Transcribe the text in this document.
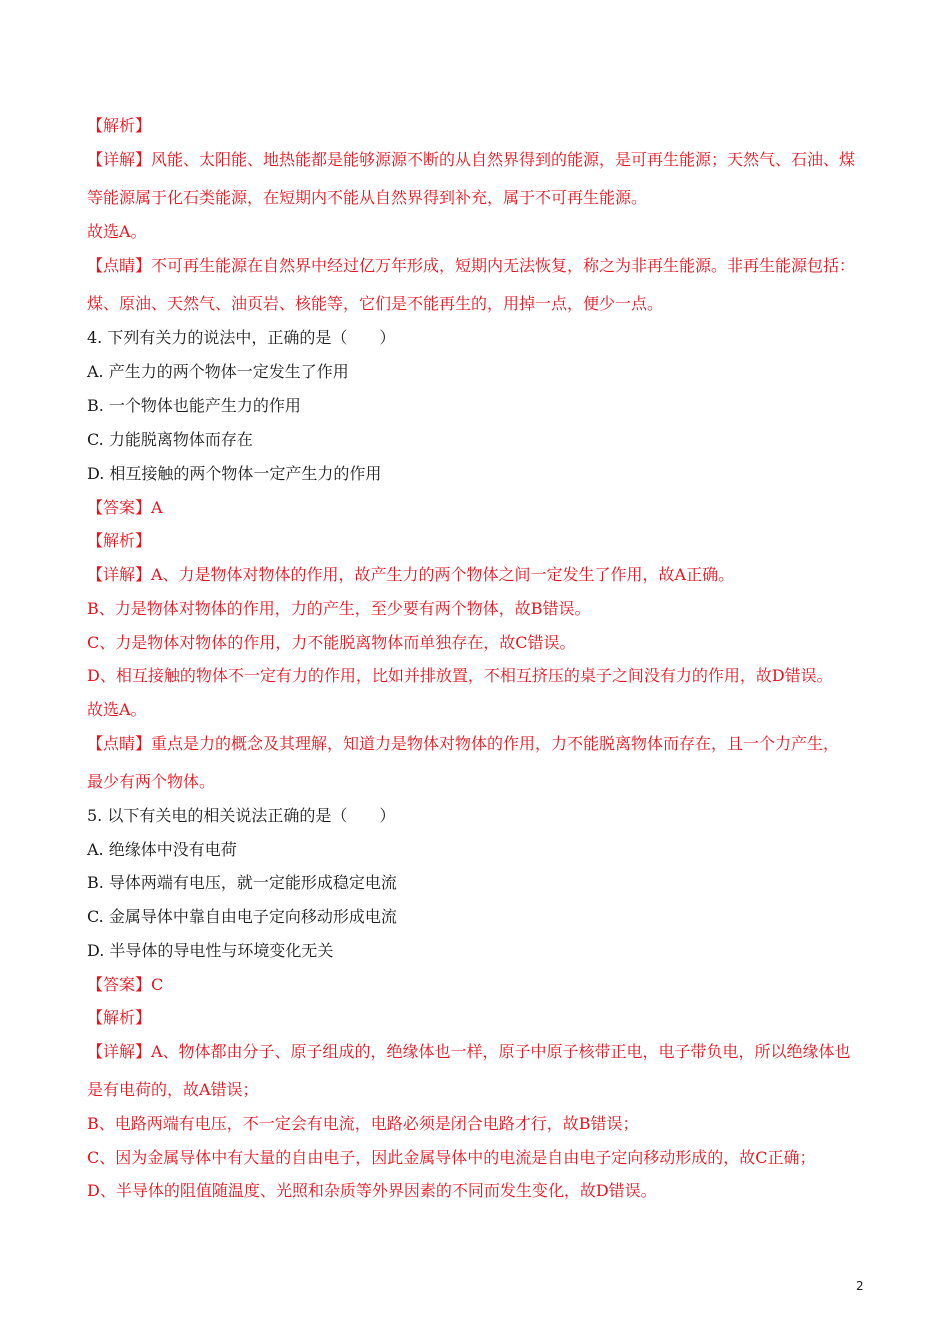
【解析】
【详解】风能、太阳能、地热能都是能够源源不断的从自然界得到的能源，是可再生能源；天然气、石油、煤
等能源属于化石类能源，在短期内不能从自然界得到补充，属于不可再生能源。
故选A。
【点睛】不可再生能源在自然界中经过亿万年形成，短期内无法恢复，称之为非再生能源。非再生能源包括：
煤、原油、天然气、油页岩、核能等，它们是不能再生的，用掉一点，便少一点。
4. 下列有关力的说法中，正确的是（　　）
A. 产生力的两个物体一定发生了作用
B. 一个物体也能产生力的作用
C. 力能脱离物体而存在
D. 相互接触的两个物体一定产生力的作用
【答案】A
【解析】
【详解】A、力是物体对物体的作用，故产生力的两个物体之间一定发生了作用，故A正确。
B、力是物体对物体的作用，力的产生，至少要有两个物体，故B错误。
C、力是物体对物体的作用，力不能脱离物体而单独存在，故C错误。
D、相互接触的物体不一定有力的作用，比如并排放置，不相互挤压的桌子之间没有力的作用，故D错误。
故选A。
【点睛】重点是力的概念及其理解，知道力是物体对物体的作用，力不能脱离物体而存在，且一个力产生，
最少有两个物体。
5. 以下有关电的相关说法正确的是（　　）
A. 绝缘体中没有电荷
B. 导体两端有电压，就一定能形成稳定电流
C. 金属导体中靠自由电子定向移动形成电流
D. 半导体的导电性与环境变化无关
【答案】C
【解析】
【详解】A、物体都由分子、原子组成的，绝缘体也一样，原子中原子核带正电，电子带负电，所以绝缘体也
是有电荷的，故A错误；
B、电路两端有电压，不一定会有电流，电路必须是闭合电路才行，故B错误；
C、因为金属导体中有大量的自由电子，因此金属导体中的电流是自由电子定向移动形成的，故C正确；
D、半导体的阻值随温度、光照和杂质等外界因素的不同而发生变化，故D错误。
2
